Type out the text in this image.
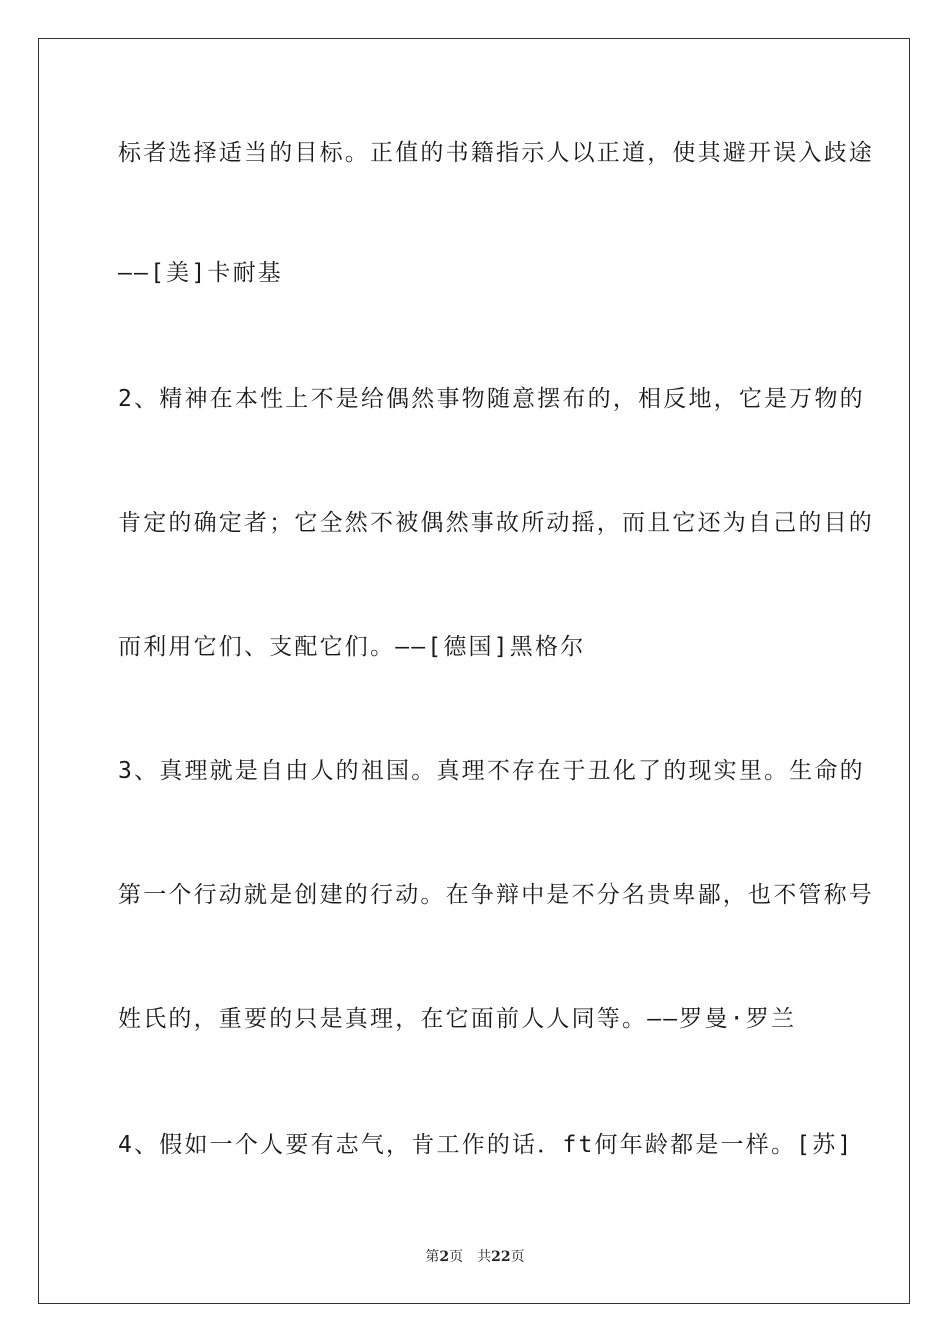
标者选择适当的目标。正值的书籍指示人以正道，使其避开误入歧途
——[美]卡耐基
2、精神在本性上不是给偶然事物随意摆布的，相反地，它是万物的
肯定的确定者；它全然不被偶然事故所动摇，而且它还为自己的目的
而利用它们、支配它们。——[德国]黑格尔
3、真理就是自由人的祖国。真理不存在于丑化了的现实里。生命的
第一个行动就是创建的行动。在争辩中是不分名贵卑鄙，也不管称号
姓氏的，重要的只是真理，在它面前人人同等。——罗曼·罗兰
4、假如一个人要有志气，肯工作的话．ft何年龄都是一样。[苏]
第2页 共22页
